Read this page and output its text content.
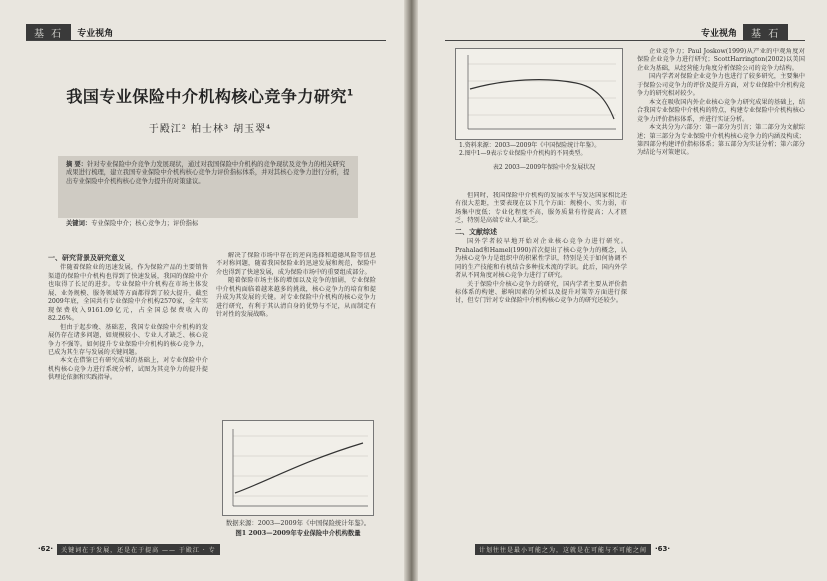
基 石	专业视角
我国专业保险中介机构核心竞争力研究$^1$
于殿江² 柏士林³ 胡玉翠⁴
摘 要：针对专业保险中介竞争力发展现状，通过对我国保险中介机构的竞争现状及竞争力的相关研究成果进行梳理，建立我国专业保险中介机构核心竞争力评价指标体系，并对其核心竞争力进行分析，提出专业保险中介机构核心竞争力提升的对策建议。
关键词：专业保险中介；核心竞争力；评价指标
一、研究背景及研究意义

伴随着保险业的迅速发展，作为保险产品的主要销售渠道的保险中介机构也得到了快速发展，我国的保险中介也取得了长足的进步。专业保险中介机构在市场主体发展、业务规模、服务领域等方面都得到了较大提升，截至2009年底，全国共有专业保险中介机构2570家，全年实现保费收入9161.09亿元，占全国总保费收入的82.26%。

但由于起步晚、基础差，我国专业保险中介机构的发展仍存在诸多问题，如规模较小、专业人才缺乏、核心竞争力不强等。如何提升专业保险中介机构的核心竞争力，已成为其生存与发展的关键问题。

本文在借鉴已有研究成果的基础上，对专业保险中介机构核心竞争力进行系统分析，试图为其竞争力的提升提供理论依据和实践指导。

解决了保险市场中存在的逆向选择和道德风险等信息不对称问题，随着我国保险业的迅速发展和规范，保险中介也得到了快速发展，成为保险市场中的重要组成部分。

随着保险市场主体的增加以及竞争的加剧，专业保险中介机构面临着越来越多的挑战，核心竞争力的培育和提升成为其发展的关键。对专业保险中介机构的核心竞争力进行研究，有利于其认清自身的优势与不足，从而制定有针对性的发展战略。

数据来源：2003—2009年《中国保险统计年鉴》。
图1 2003—2009年专业保险中介机构数量
·62·	关键词在于发展，还是在于提高 —— 于殿江 · 专
专业视角	基 石
1.资料来源：2003—2009年《中国保险统计年鉴》。
2.图中1—9表示专业保险中介机构的不同类型。
表2 2003—2009年保险中介发展状况

但同时，我国保险中介机构的发展水平与发达国家相比还有很大差距，主要表现在以下几个方面：规模小、实力弱，市场集中度低；专业化程度不高，服务质量有待提高；人才匮乏，特别是高端专业人才缺乏。

二、文献综述

国外学者较早地开始对企业核心竞争力进行研究。Prahalad和Hamel(1990)首次提出了核心竞争力的概念，认为核心竞争力是组织中的积累性学识，特别是关于如何协调不同的生产技能和有机结合多种技术流的学识。此后，国内外学者从不同角度对核心竞争力进行了研究。

关于保险中介核心竞争力的研究，国内学者主要从评价指标体系的构建、影响因素的分析以及提升对策等方面进行探讨，但专门针对专业保险中介机构核心竞争力的研究还较少。

企业竞争力；Paul Joskow(1999)从产业的中观角度对保险企业竞争力进行研究；ScottHarrington(2002)以美国企业为基础，从经营能力角度分析保险公司的竞争力结构。

国内学者对保险企业竞争力也进行了较多研究，主要集中于保险公司竞争力的评价及提升方面，对专业保险中介机构竞争力的研究相对较少。

本文在吸收国内外企业核心竞争力研究成果的基础上，结合我国专业保险中介机构的特点，构建专业保险中介机构核心竞争力评价指标体系，并进行实证分析。

本文共分为六部分：第一部分为引言；第二部分为文献综述；第三部分为专业保险中介机构核心竞争力的内涵及构成；第四部分构建评价指标体系；第五部分为实证分析；第六部分为结论与对策建议。

计划往往是最小可能之为，这就是在可能与不可能之间	·63·
